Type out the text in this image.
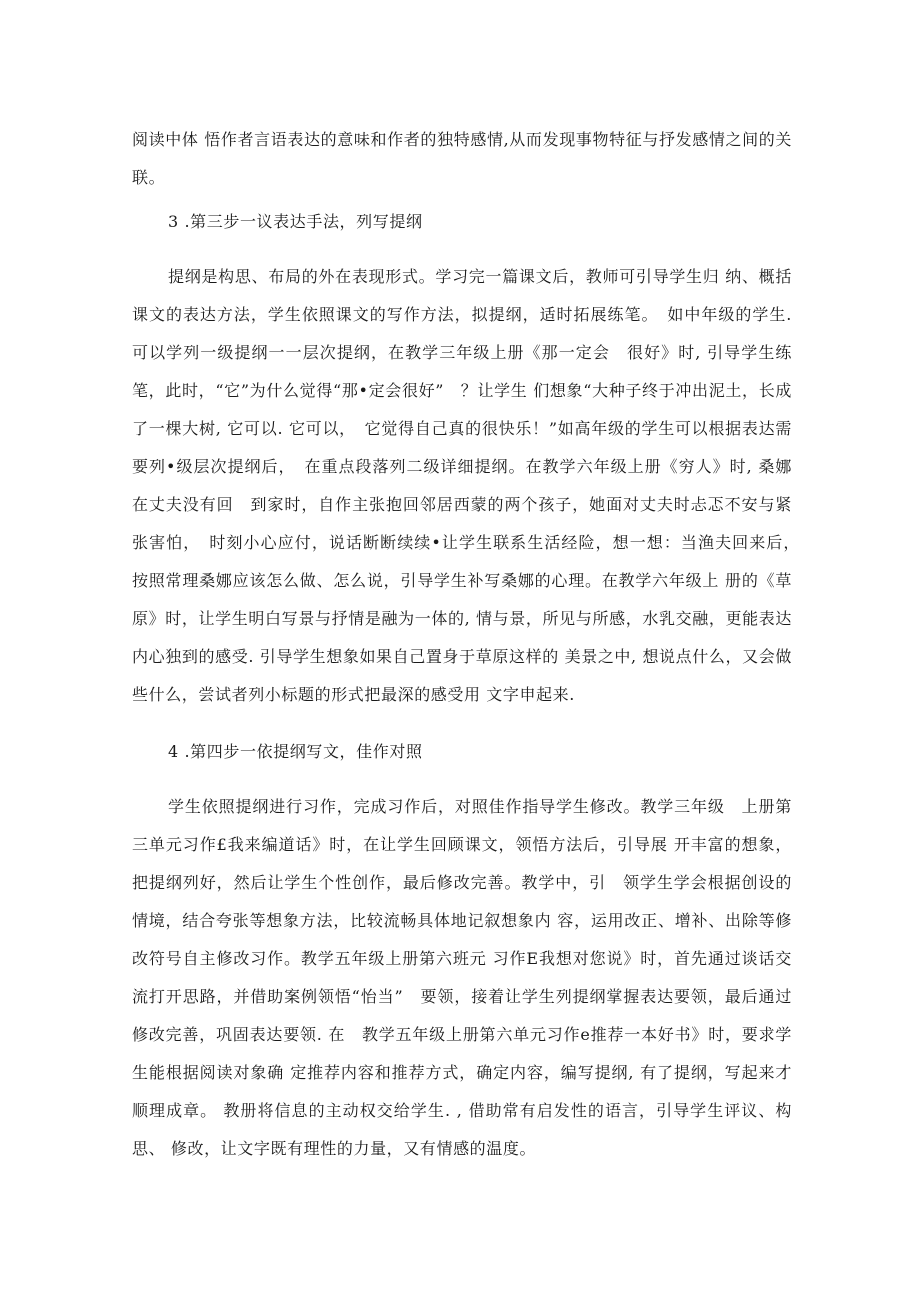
阅读中体 悟作者言语表达的意味和作者的独特感情,从而发现事物特征与抒发感情之间的关联。

3 .第三步一议表达手法，列写提纲

提纲是构思、布局的外在表现形式。学习完一篇课文后，教师可引导学生归 纳、概括课文的表达方法，学生依照课文的写作方法，拟提纲，适时拓展练笔。　如中年级的学生. 可以学列一级提纲一一层次提纲，在教学三年级上册《那一定会　很好》时, 引导学生练笔，此时，“它”为什么觉得“那•定会很好”　？让学生 们想象“大种子终于冲出泥土，长成了一棵大树, 它可以. 它可以，　它觉得自己真的很快乐！”如高年级的学生可以根据表达需要列•级层次提纲后，　在重点段落列二级详细提纲。在教学六年级上册《穷人》时, 桑娜在丈夫没有回　到家时，自作主张抱回邻居西蒙的两个孩子，她面对丈夫时忐忑不安与紧张害怕，　时刻小心应付，说话断断续续•让学生联系生活经险，想一想：当渔夫回来后，　按照常理桑娜应该怎么做、怎么说，引导学生补写桑娜的心理。在教学六年级上 册的《草原》时，让学生明白写景与抒情是融为一体的, 情与景，所见与所感，水乳交融，更能表达内心独到的感受. 引导学生想象如果自己置身于草原这样的 美景之中, 想说点什么，又会做些什么，尝试者列小标题的形式把最深的感受用 文字申起来.

4 .第四步一依提纲写文，佳作对照

学生依照提纲进行习作，完成习作后，对照佳作指导学生修改。教学三年级　上册第三单元习作£我来编道话》时，在让学生回顾课文，领悟方法后，引导展 开丰富的想象，把提纲列好，然后让学生个性创作，最后修改完善。教学中，引　领学生学会根据创设的情境，结合夸张等想象方法，比较流畅具体地记叙想象内 容，运用改正、增补、出除等修改符号自主修改习作。教学五年级上册第六班元 习作E我想对您说》时，首先通过谈话交流打开思路，并借助案例领悟“怡当”　要领，接着让学生列提纲掌握表达要领，最后通过修改完善，巩固表达要领. 在　教学五年级上册第六单元习作e推荐一本好书》时，要求学生能根据阅读对象确 定推荐内容和推荐方式，确定内容，编写提纲, 有了提纲，写起来才顺理成章。 教册将信息的主动权交给学生. , 借助常有启发性的语言，引导学生评议、构思、 修改，让文字既有理性的力量，又有情感的温度。
